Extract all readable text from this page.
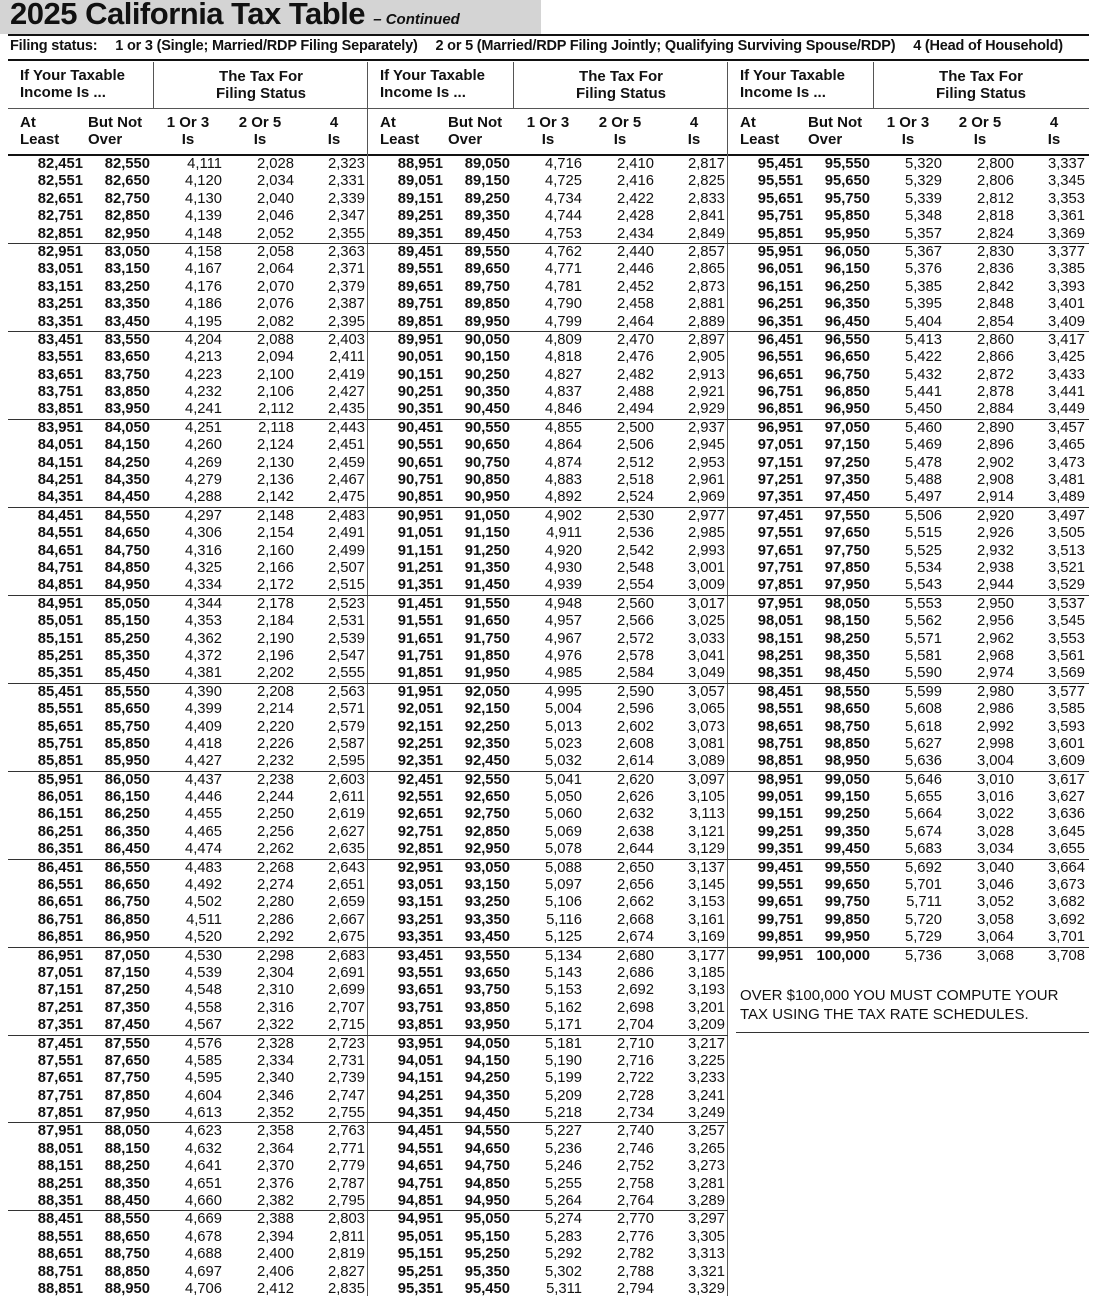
2025 California Tax Table – Continued
Filing status: 1 or 3 (Single; Married/RDP Filing Separately) 2 or 5 (Married/RDP Filing Jointly; Qualifying Surviving Spouse/RDP) 4 (Head of Household)
If Your Taxable
Income Is ...
The Tax For
Filing Status
At
Least
But Not
Over
1 Or 3
Is
2 Or 5
Is
4
Is
82,451 82,550	4,111 2,028 2,323
82,551 82,650 4,120 2,034 2,331
82,651 82,750 4,130 2,040 2,339
82,751 82,850 4,139 2,046 2,347
82,851 82,950 4,148 2,052 2,355
82,951 83,050 4,158 2,058 2,363
83,051 83,150 4,167 2,064 2,371
83,151 83,250 4,176 2,070 2,379
83,251 83,350 4,186 2,076 2,387
83,351 83,450 4,195 2,082 2,395
83,451 83,550 4,204 2,088 2,403
83,551 83,650 4,213 2,094 2,411
83,651 83,750 4,223 2,100 2,419
83,751 83,850 4,232 2,106 2,427
83,851 83,950 4,241 2,112 2,435
83,951 84,050 4,251 2,118 2,443
84,051 84,150 4,260 2,124 2,451
84,151 84,250 4,269 2,130 2,459
84,251 84,350 4,279 2,136 2,467
84,351 84,450 4,288 2,142 2,475
84,451 84,550 4,297 2,148 2,483
84,551 84,650 4,306 2,154 2,491
84,651 84,750 4,316 2,160 2,499
84,751 84,850 4,325 2,166 2,507
84,851 84,950 4,334 2,172 2,515
84,951 85,050 4,344 2,178 2,523
85,051 85,150 4,353 2,184 2,531
85,151 85,250 4,362 2,190 2,539
85,251 85,350 4,372 2,196 2,547
85,351 85,450 4,381 2,202 2,555
85,451 85,550 4,390 2,208 2,563
85,551 85,650 4,399 2,214 2,571
85,651 85,750 4,409 2,220 2,579
85,751 85,850 4,418 2,226 2,587
85,851 85,950 4,427 2,232 2,595
85,951 86,050 4,437 2,238 2,603
86,051 86,150 4,446 2,244 2,611
86,151 86,250 4,455 2,250 2,619
86,251 86,350 4,465 2,256 2,627
86,351 86,450 4,474 2,262 2,635
86,451 86,550 4,483 2,268 2,643
86,551 86,650 4,492 2,274 2,651
86,651 86,750 4,502 2,280 2,659
86,751 86,850 4,511 2,286 2,667
86,851 86,950 4,520 2,292 2,675
86,951 87,050 4,530 2,298 2,683
87,051 87,150 4,539 2,304 2,691
87,151 87,250 4,548 2,310 2,699
87,251 87,350 4,558 2,316 2,707
87,351 87,450 4,567 2,322 2,715
87,451 87,550 4,576 2,328 2,723
87,551 87,650 4,585 2,334 2,731
87,651 87,750 4,595 2,340 2,739
87,751 87,850 4,604 2,346 2,747
87,851 87,950 4,613 2,352 2,755
87,951 88,050 4,623 2,358 2,763
88,051 88,150 4,632 2,364 2,771
88,151 88,250 4,641 2,370 2,779
88,251 88,350 4,651 2,376 2,787
88,351 88,450 4,660 2,382 2,795
88,451 88,550 4,669 2,388 2,803
88,551 88,650 4,678 2,394 2,811
88,651 88,750 4,688 2,400 2,819
88,751 88,850 4,697 2,406 2,827
88,851 88,950 4,706 2,412 2,835
If Your Taxable
Income Is ...
The Tax For
Filing Status
At
Least
But Not
Over
1 Or 3
Is
2 Or 5
Is
4
Is
88,951 89,050 4,716 2,410 2,817
89,051 89,150 4,725 2,416 2,825
89,151 89,250 4,734 2,422 2,833
89,251 89,350 4,744 2,428 2,841
89,351 89,450 4,753 2,434 2,849
89,451 89,550 4,762 2,440 2,857
89,551 89,650 4,771 2,446 2,865
89,651 89,750 4,781 2,452 2,873
89,751 89,850 4,790 2,458 2,881
89,851 89,950 4,799 2,464 2,889
89,951 90,050 4,809 2,470 2,897
90,051 90,150 4,818 2,476 2,905
90,151 90,250 4,827 2,482 2,913
90,251 90,350 4,837 2,488 2,921
90,351 90,450 4,846 2,494 2,929
90,451 90,550 4,855 2,500 2,937
90,551 90,650 4,864 2,506 2,945
90,651 90,750 4,874 2,512 2,953
90,751 90,850 4,883 2,518 2,961
90,851 90,950 4,892 2,524 2,969
90,951 91,050 4,902 2,530 2,977
91,051 91,150 4,911 2,536 2,985
91,151 91,250 4,920 2,542 2,993
91,251 91,350 4,930 2,548 3,001
91,351 91,450 4,939 2,554 3,009
91,451 91,550 4,948 2,560 3,017
91,551 91,650 4,957 2,566 3,025
91,651 91,750 4,967 2,572 3,033
91,751 91,850 4,976 2,578 3,041
91,851 91,950 4,985 2,584 3,049
91,951 92,050 4,995 2,590 3,057
92,051 92,150 5,004 2,596 3,065
92,151 92,250 5,013 2,602 3,073
92,251 92,350 5,023 2,608 3,081
92,351 92,450 5,032 2,614 3,089
92,451 92,550 5,041 2,620 3,097
92,551 92,650 5,050 2,626 3,105
92,651 92,750 5,060 2,632 3,113
92,751 92,850 5,069 2,638 3,121
92,851 92,950 5,078 2,644 3,129
92,951 93,050 5,088 2,650 3,137
93,051 93,150 5,097 2,656 3,145
93,151 93,250 5,106 2,662 3,153
93,251 93,350 5,116 2,668 3,161
93,351 93,450 5,125 2,674 3,169
93,451 93,550 5,134 2,680 3,177
93,551 93,650 5,143 2,686 3,185
93,651 93,750 5,153 2,692 3,193
93,751 93,850 5,162 2,698 3,201
93,851 93,950 5,171 2,704 3,209
93,951 94,050 5,181 2,710 3,217
94,051 94,150 5,190 2,716 3,225
94,151 94,250 5,199 2,722 3,233
94,251 94,350 5,209 2,728 3,241
94,351 94,450 5,218 2,734 3,249
94,451 94,550 5,227 2,740 3,257
94,551 94,650 5,236 2,746 3,265
94,651 94,750 5,246 2,752 3,273
94,751 94,850 5,255 2,758 3,281
94,851 94,950 5,264 2,764 3,289
94,951 95,050 5,274 2,770 3,297
95,051 95,150 5,283 2,776 3,305
95,151 95,250 5,292 2,782 3,313
95,251 95,350 5,302 2,788 3,321
95,351 95,450 5,311 2,794 3,329
If Your Taxable
Income Is ...
The Tax For
Filing Status
At
Least
But Not
Over
1 Or 3
Is
2 Or 5
Is
4
Is
95,451 95,550 5,320 2,800 3,337
95,551 95,650 5,329 2,806 3,345
95,651 95,750 5,339 2,812 3,353
95,751 95,850 5,348 2,818 3,361
95,851 95,950 5,357 2,824 3,369
95,951 96,050 5,367 2,830 3,377
96,051 96,150 5,376 2,836 3,385
96,151 96,250 5,385 2,842 3,393
96,251 96,350 5,395 2,848 3,401
96,351 96,450 5,404 2,854 3,409
96,451 96,550 5,413 2,860 3,417
96,551 96,650 5,422 2,866 3,425
96,651 96,750 5,432 2,872 3,433
96,751 96,850 5,441 2,878 3,441
96,851 96,950 5,450 2,884 3,449
96,951 97,050 5,460 2,890 3,457
97,051 97,150 5,469 2,896 3,465
97,151 97,250 5,478 2,902 3,473
97,251 97,350 5,488 2,908 3,481
97,351 97,450 5,497 2,914 3,489
97,451 97,550 5,506 2,920 3,497
97,551 97,650 5,515 2,926 3,505
97,651 97,750 5,525 2,932 3,513
97,751 97,850 5,534 2,938 3,521
97,851 97,950 5,543 2,944 3,529
97,951 98,050 5,553 2,950 3,537
98,051 98,150 5,562 2,956 3,545
98,151 98,250 5,571 2,962 3,553
98,251 98,350 5,581 2,968 3,561
98,351 98,450 5,590 2,974 3,569
98,451 98,550 5,599 2,980 3,577
98,551 98,650 5,608 2,986 3,585
98,651 98,750 5,618 2,992 3,593
98,751 98,850 5,627 2,998 3,601
98,851 98,950 5,636 3,004 3,609
98,951 99,050 5,646 3,010 3,617
99,051 99,150 5,655 3,016 3,627
99,151 99,250 5,664 3,022 3,636
99,251 99,350 5,674 3,028 3,645
99,351 99,450 5,683 3,034 3,655
99,451 99,550 5,692 3,040 3,664
99,551 99,650 5,701 3,046 3,673
99,651 99,750 5,711 3,052 3,682
99,751 99,850 5,720 3,058 3,692
99,851 99,950 5,729 3,064 3,701
99,951 100,000 5,736 3,068 3,708
OVER $100,000 YOU MUST COMPUTE YOUR TAX USING THE TAX RATE SCHEDULES.
